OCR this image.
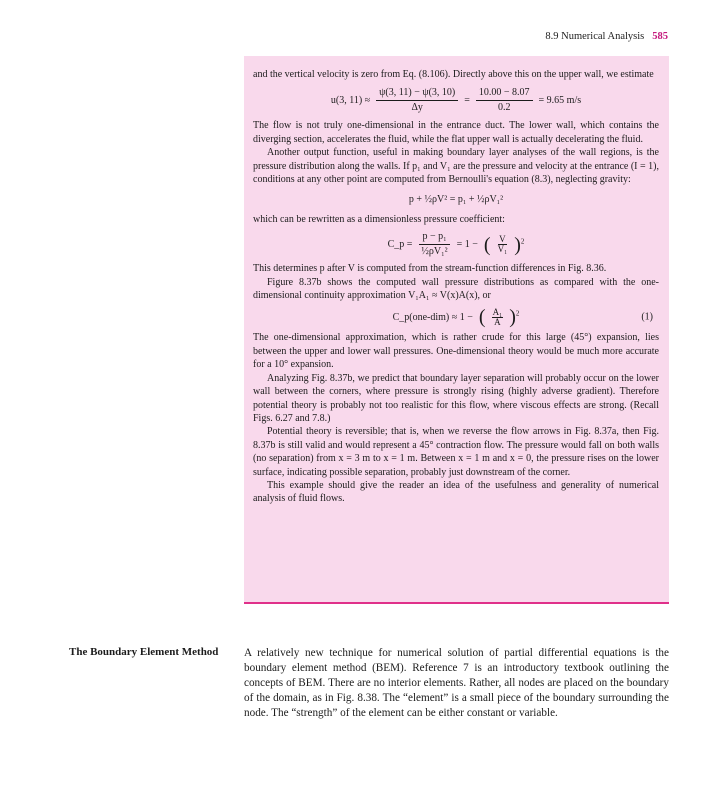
8.9 Numerical Analysis 585

and the vertical velocity is zero from Eq. (8.106). Directly above this on the upper wall, we estimate

u(3, $11) \approx \frac{\psi(3, 11) - \psi(3, 10)}{\Delta y} = \frac{10.00 - 8.07}{0.2} = 9.65$ m/s

The flow is not truly one-dimensional in the entrance duct. The lower wall, which contains the diverging section, accelerates the fluid, while the flat upper wall is actually decelerating the fluid.

Another output function, useful in making boundary layer analyses of the wall regions, is the pressure distribution along the walls. If p₁ and V₁ are the pressure and velocity at the entrance (I = 1), conditions at any other point are computed from Bernoulli's equation (8.3), neglecting gravity:

p + ½ρV² = p₁ + ½ρV₁²

which can be rewritten as a dimensionless pressure coefficient:

C_p = $\frac{\text{p − p₁}}{\text{½ρV₁²}} = 1$ − ( $\frac{V}{\text{V₁}} )^2$

This determines p after V is computed from the stream-function differences in Fig. 8.36.

Figure 8.37b shows the computed wall pressure distributions as compared with the one-dimensional continuity approximation V₁A₁ ≈ V(x)A(x), or

C_p(one-dim) ≈ 1 − ( $\frac{\text{A₁}}{A} )^2$	(1)

The one-dimensional approximation, which is rather crude for this large (45°) expansion, lies between the upper and lower wall pressures. One-dimensional theory would be much more accurate for a 10° expansion.

Analyzing Fig. 8.37b, we predict that boundary layer separation will probably occur on the lower wall between the corners, where pressure is strongly rising (highly adverse gradient). Therefore potential theory is probably not too realistic for this flow, where viscous effects are strong. (Recall Figs. 6.27 and 7.8.)

Potential theory is reversible; that is, when we reverse the flow arrows in Fig. 8.37a, then Fig. 8.37b is still valid and would represent a 45° contraction flow. The pressure would fall on both walls (no separation) from x = 3 m to x = 1 m. Between x = 1 m and x = 0, the pressure rises on the lower surface, indicating possible separation, probably just downstream of the corner.

This example should give the reader an idea of the usefulness and generality of numerical analysis of fluid flows.

The Boundary Element Method A relatively new technique for numerical solution of partial differential equations is the boundary element method (BEM). Reference 7 is an introductory textbook outlining the concepts of BEM. There are no interior elements. Rather, all nodes are placed on the boundary of the domain, as in Fig. 8.38. The “element” is a small piece of the boundary surrounding the node. The “strength” of the element can be either constant or variable.
